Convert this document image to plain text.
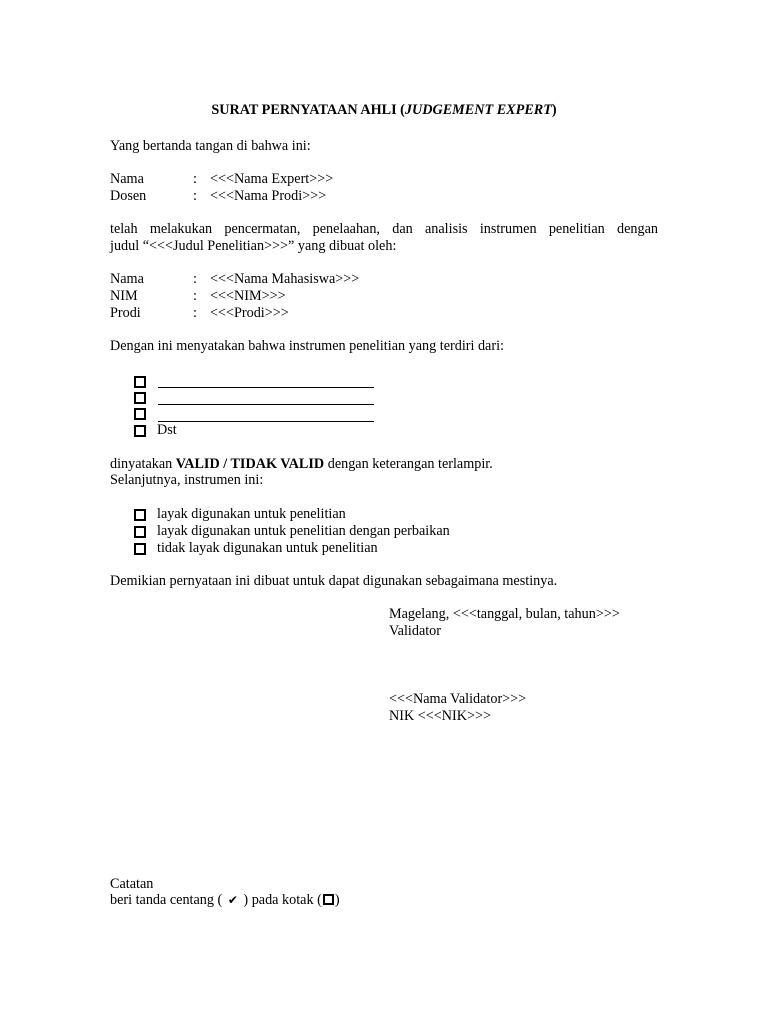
SURAT PERNYATAAN AHLI (JUDGEMENT EXPERT)
Yang bertanda tangan di bahwa ini:
Nama	: <<<Nama Expert>>>
Dosen	: <<<Nama Prodi>>>
telah melakukan pencermatan, penelaahan, dan analisis instrumen penelitian dengan
judul “<<<Judul Penelitian>>>” yang dibuat oleh:
Nama	: <<<Nama Mahasiswa>>>
NIM	: <<<NIM>>>
Prodi	: <<<Prodi>>>
Dengan ini menyatakan bahwa instrumen penelitian yang terdiri dari:
Dst
dinyatakan VALID / TIDAK VALID dengan keterangan terlampir.
Selanjutnya, instrumen ini:
layak digunakan untuk penelitian
layak digunakan untuk penelitian dengan perbaikan
tidak layak digunakan untuk penelitian
Demikian pernyataan ini dibuat untuk dapat digunakan sebagaimana mestinya.
Magelang, <<<tanggal, bulan, tahun>>>
Validator
<<<Nama Validator>>>
NIK <<<NIK>>>
Catatan
beri tanda centang ( ✔ ) pada kotak ( )
